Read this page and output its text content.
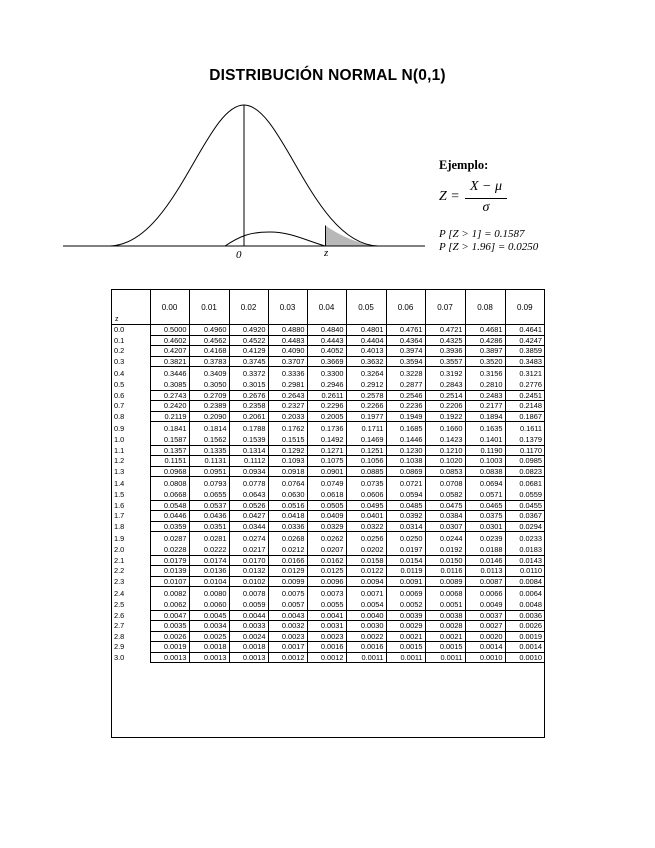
DISTRIBUCIÓN NORMAL N(0,1)
0	z
Ejemplo:
Z =
X − μ
σ
P [Z > 1] = 0.1587
P [Z > 1.96] = 0.0250
z	0.00	0.01	0.02	0.03	0.04	0.05	0.06	0.07	0.08	0.09
0.0	0.5000	0.4960	0.4920	0.4880	0.4840	0.4801	0.4761	0.4721	0.4681	0.4641
0.1	0.4602	0.4562	0.4522	0.4483	0.4443	0.4404	0.4364	0.4325	0.4286	0.4247
0.2	0.4207	0.4168	0.4129	0.4090	0.4052	0.4013	0.3974	0.3936	0.3897	0.3859
0.3	0.3821	0.3783	0.3745	0.3707	0.3669	0.3632	0.3594	0.3557	0.3520	0.3483
0.4	0.3446	0.3409	0.3372	0.3336	0.3300	0.3264	0.3228	0.3192	0.3156	0.3121
0.5	0.3085	0.3050	0.3015	0.2981	0.2946	0.2912	0.2877	0.2843	0.2810	0.2776
0.6	0.2743	0.2709	0.2676	0.2643	0.2611	0.2578	0.2546	0.2514	0.2483	0.2451
0.7	0.2420	0.2389	0.2358	0.2327	0.2296	0.2266	0.2236	0.2206	0.2177	0.2148
0.8	0.2119	0.2090	0.2061	0.2033	0.2005	0.1977	0.1949	0.1922	0.1894	0.1867
0.9	0.1841	0.1814	0.1788	0.1762	0.1736	0.1711	0.1685	0.1660	0.1635	0.1611
1.0	0.1587	0.1562	0.1539	0.1515	0.1492	0.1469	0.1446	0.1423	0.1401	0.1379
1.1	0.1357	0.1335	0.1314	0.1292	0.1271	0.1251	0.1230	0.1210	0.1190	0.1170
1.2	0.1151	0.1131	0.1112	0.1093	0.1075	0.1056	0.1038	0.1020	0.1003	0.0985
1.3	0.0968	0.0951	0.0934	0.0918	0.0901	0.0885	0.0869	0.0853	0.0838	0.0823
1.4	0.0808	0.0793	0.0778	0.0764	0.0749	0.0735	0.0721	0.0708	0.0694	0.0681
1.5	0.0668	0.0655	0.0643	0.0630	0.0618	0.0606	0.0594	0.0582	0.0571	0.0559
1.6	0.0548	0.0537	0.0526	0.0516	0.0505	0.0495	0.0485	0.0475	0.0465	0.0455
1.7	0.0446	0.0436	0.0427	0.0418	0.0409	0.0401	0.0392	0.0384	0.0375	0.0367
1.8	0.0359	0.0351	0.0344	0.0336	0.0329	0.0322	0.0314	0.0307	0.0301	0.0294
1.9	0.0287	0.0281	0.0274	0.0268	0.0262	0.0256	0.0250	0.0244	0.0239	0.0233
2.0	0.0228	0.0222	0.0217	0.0212	0.0207	0.0202	0.0197	0.0192	0.0188	0.0183
2.1	0.0179	0.0174	0.0170	0.0166	0.0162	0.0158	0.0154	0.0150	0.0146	0.0143
2.2	0.0139	0.0136	0.0132	0.0129	0.0125	0.0122	0.0119	0.0116	0.0113	0.0110
2.3	0.0107	0.0104	0.0102	0.0099	0.0096	0.0094	0.0091	0.0089	0.0087	0.0084
2.4	0.0082	0.0080	0.0078	0.0075	0.0073	0.0071	0.0069	0.0068	0.0066	0.0064
2.5	0.0062	0.0060	0.0059	0.0057	0.0055	0.0054	0.0052	0.0051	0.0049	0.0048
2.6	0.0047	0.0045	0.0044	0.0043	0.0041	0.0040	0.0039	0.0038	0.0037	0.0036
2.7	0.0035	0.0034	0.0033	0.0032	0.0031	0.0030	0.0029	0.0028	0.0027	0.0026
2.8	0.0026	0.0025	0.0024	0.0023	0.0023	0.0022	0.0021	0.0021	0.0020	0.0019
2.9	0.0019	0.0018	0.0018	0.0017	0.0016	0.0016	0.0015	0.0015	0.0014	0.0014
3.0	0.0013	0.0013	0.0013	0.0012	0.0012	0.0011	0.0011	0.0011	0.0010	0.0010
